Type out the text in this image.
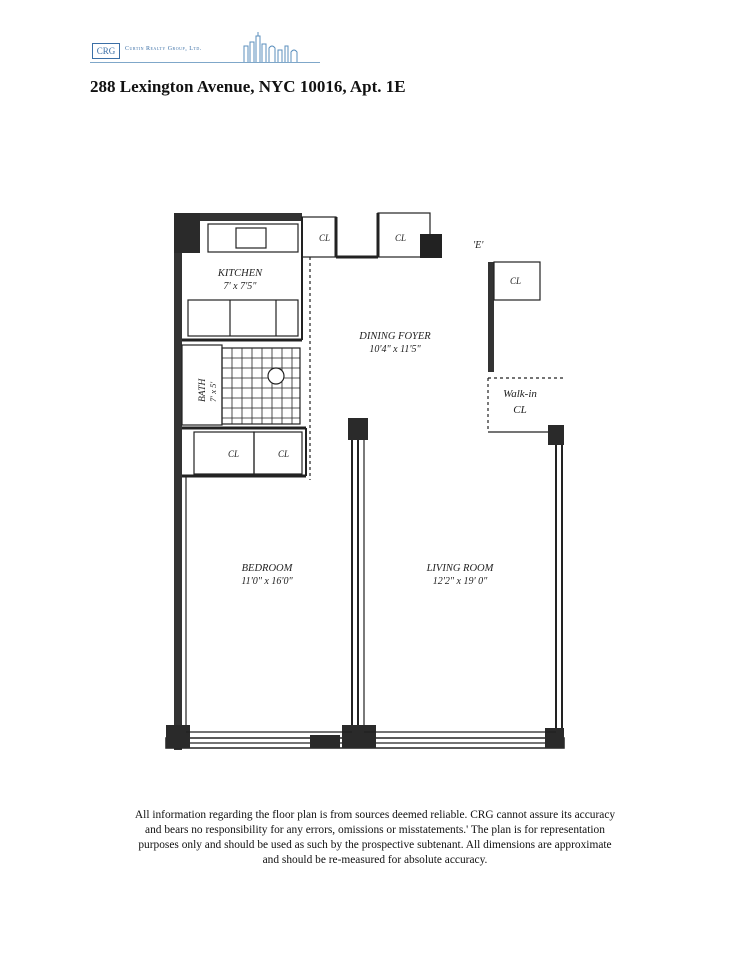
CRG	Curtin Realty Group, Ltd.
288 Lexington Avenue, NYC 10016, Apt. 1E
'E'
CL	CL
CL
CL	CL
KITCHEN
7' x 7'5"
DINING FOYER
10'4" x 11'5"
BATH 7' x 5'	Walk-in
CL
BEDROOM
11'0" x 16'0"
LIVING ROOM
12'2" x 19' 0"
All information regarding the floor plan is from sources deemed reliable. CRG cannot assure its accuracy
and bears no responsibility for any errors, omissions or misstatements.' The plan is for representation
purposes only and should be used as such by the prospective subtenant. All dimensions are approximate
and should be re-measured for absolute accuracy.
